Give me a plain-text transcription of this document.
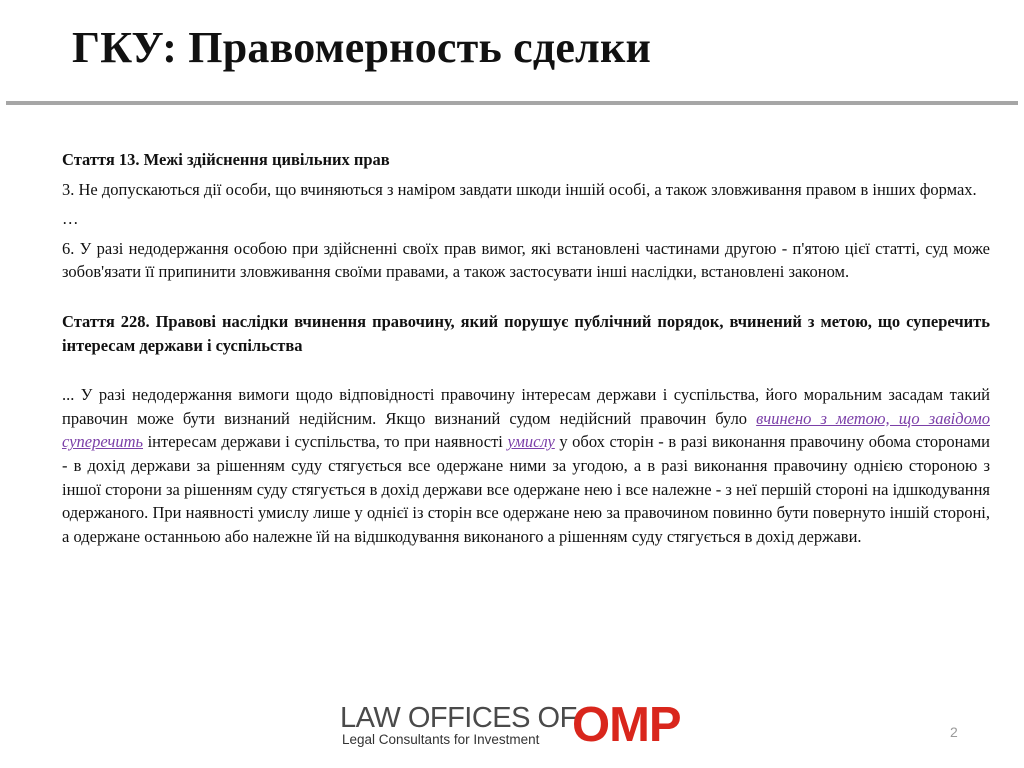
ГКУ: Правомерность сделки

Стаття 13. Межі здійснення цивільних прав

3. Не допускаються дії особи, що вчиняються з наміром завдати шкоди іншій особі, а також зловживання правом в інших формах.

…

6. У разі недодержання особою при здійсненні своїх прав вимог, які встановлені частинами другою - п'ятою цієї статті, суд може зобов'язати її припинити зловживання своїми правами, а також застосувати інші наслідки, встановлені законом.

Стаття 228. Правові наслідки вчинення правочину, який порушує публічний порядок, вчинений з метою, що суперечить інтересам держави і суспільства

... У разі недодержання вимоги щодо відповідності правочину інтересам держави і суспільства, його моральним засадам такий правочин може бути визнаний недійсним. Якщо визнаний судом недійсний правочин було вчинено з метою, що завідомо суперечить інтересам держави і суспільства, то при наявності умислу у обох сторін - в разі виконання правочину обома сторонами - в дохід держави за рішенням суду стягується все одержане ними за угодою, а в разі виконання правочину однією стороною з іншої сторони за рішенням суду стягується в дохід держави все одержане нею і все належне - з неї першій стороні на ідшкодування одержаного. При наявності умислу лише у однієї із сторін все одержане нею за правочином повинно бути повернуто іншій стороні, а одержане останньою або належне їй на відшкодування виконаного а рішенням суду стягується в дохід держави.

LAW OFFICES OF
Legal Consultants for Investment OMP	2
